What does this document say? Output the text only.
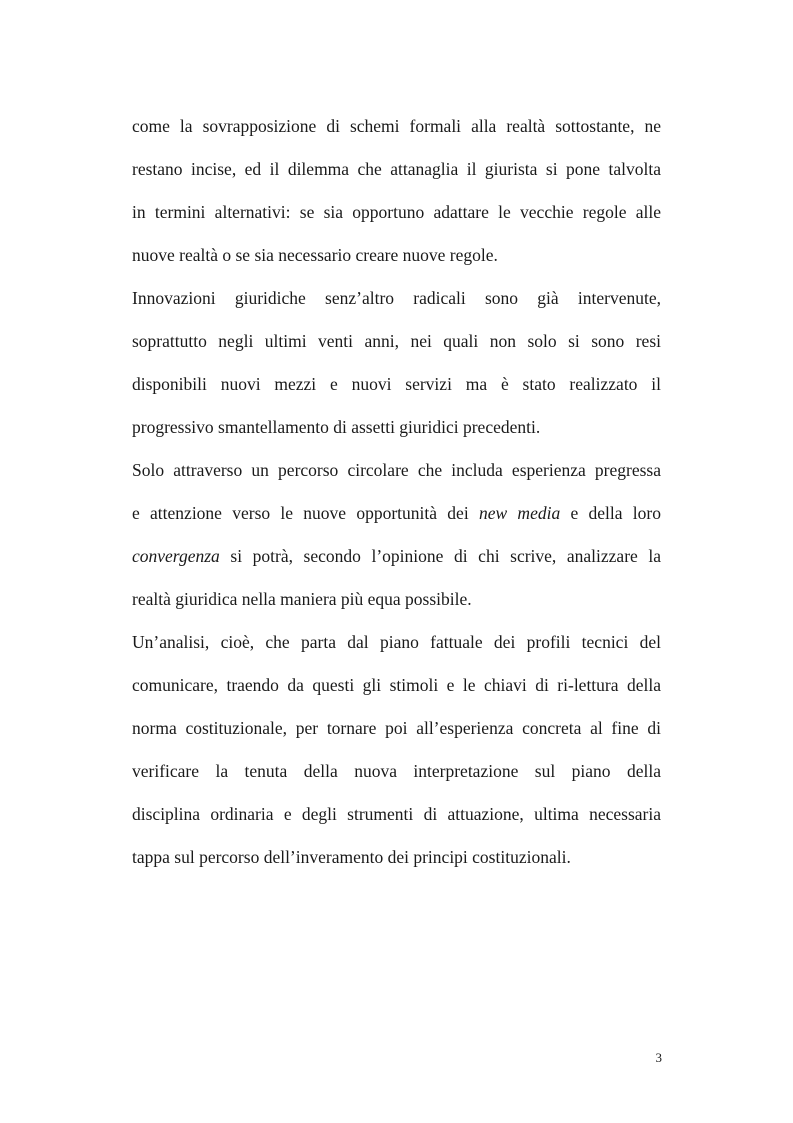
come la sovrapposizione di schemi formali alla realtà sottostante, ne
restano incise, ed il dilemma che attanaglia il giurista si pone talvolta
in termini alternativi: se sia opportuno adattare le vecchie regole alle
nuove realtà o se sia necessario creare nuove regole.
Innovazioni giuridiche senz’altro radicali sono già intervenute,
soprattutto negli ultimi venti anni, nei quali non solo si sono resi
disponibili nuovi mezzi e nuovi servizi ma è stato realizzato il
progressivo smantellamento di assetti giuridici precedenti.
Solo attraverso un percorso circolare che includa esperienza pregressa
e attenzione verso le nuove opportunità dei new media e della loro
convergenza si potrà, secondo l’opinione di chi scrive, analizzare la
realtà giuridica nella maniera più equa possibile.
Un’analisi, cioè, che parta dal piano fattuale dei profili tecnici del
comunicare, traendo da questi gli stimoli e le chiavi di ri-lettura della
norma costituzionale, per tornare poi all’esperienza concreta al fine di
verificare la tenuta della nuova interpretazione sul piano della
disciplina ordinaria e degli strumenti di attuazione, ultima necessaria
tappa sul percorso dell’inveramento dei principi costituzionali.
3
